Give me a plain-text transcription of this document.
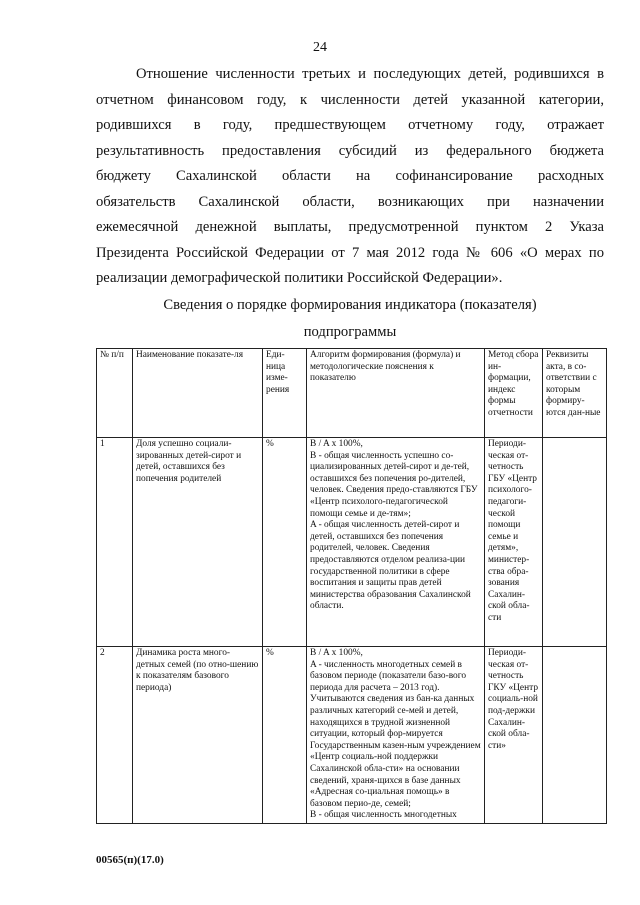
24
Отношение численности третьих и последующих детей, родившихся в
отчетном финансовом году, к численности детей указанной категории,
родившихся в году, предшествующем отчетному году, отражает
результативность предоставления субсидий из федерального бюджета
бюджету Сахалинской области на софинансирование расходных
обязательств Сахалинской области, возникающих при назначении
ежемесячной денежной выплаты, предусмотренной пунктом 2 Указа
Президента Российской Федерации от 7 мая 2012 года № 606 «О мерах по
реализации демографической политики Российской Федерации».
Сведения о порядке формирования индикатора (показателя)
подпрограммы
№ п/п	Наименование показате-ля	Еди-ница изме-рения	Алгоритм формирования (формула) и методологические пояснения к показателю	Метод сбора ин-формации, индекс формы отчетности	Реквизиты акта, в со-ответствии с которым формиру-ются дан-ные
1	Доля успешно социали-зированных детей-сирот и детей, оставшихся без попечения родителей	%	B / A x 100%,
B - общая численность успешно со-циализированных детей-сирот и де-тей, оставшихся без попечения ро-дителей, человек. Сведения предо-ставляются ГБУ «Центр психолого-педагогической помощи семье и де-тям»;
A - общая численность детей-сирот и детей, оставшихся без попечения родителей, человек. Сведения предоставляются отделом реализа-ции государственной политики в сфере воспитания и защиты прав детей министерства образования Сахалинской области.	Периоди-ческая от-четность ГБУ «Центр психолого-педагоги-ческой помощи семье и детям», министер-ства обра-зования Сахалин-ской обла-сти	
2	Динамика роста много-детных семей (по отно-шению к показателям базового периода)	%	B / A x 100%,
A - численность многодетных семей в базовом периоде (показатели базо-вого периода для расчета – 2013 год). Учитываются сведения из бан-ка данных различных категорий се-мей и детей, находящихся в трудной жизненной ситуации, который фор-мируется Государственным казен-ным учреждением «Центр социаль-ной поддержки Сахалинской обла-сти» на основании сведений, храня-щихся в базе данных «Адресная со-циальная помощь» в базовом перио-де, семей;
B - общая численность многодетных	Периоди-ческая от-четность ГКУ «Центр социаль-ной под-держки Сахалин-ской обла-сти»	
00565(п)(17.0)
